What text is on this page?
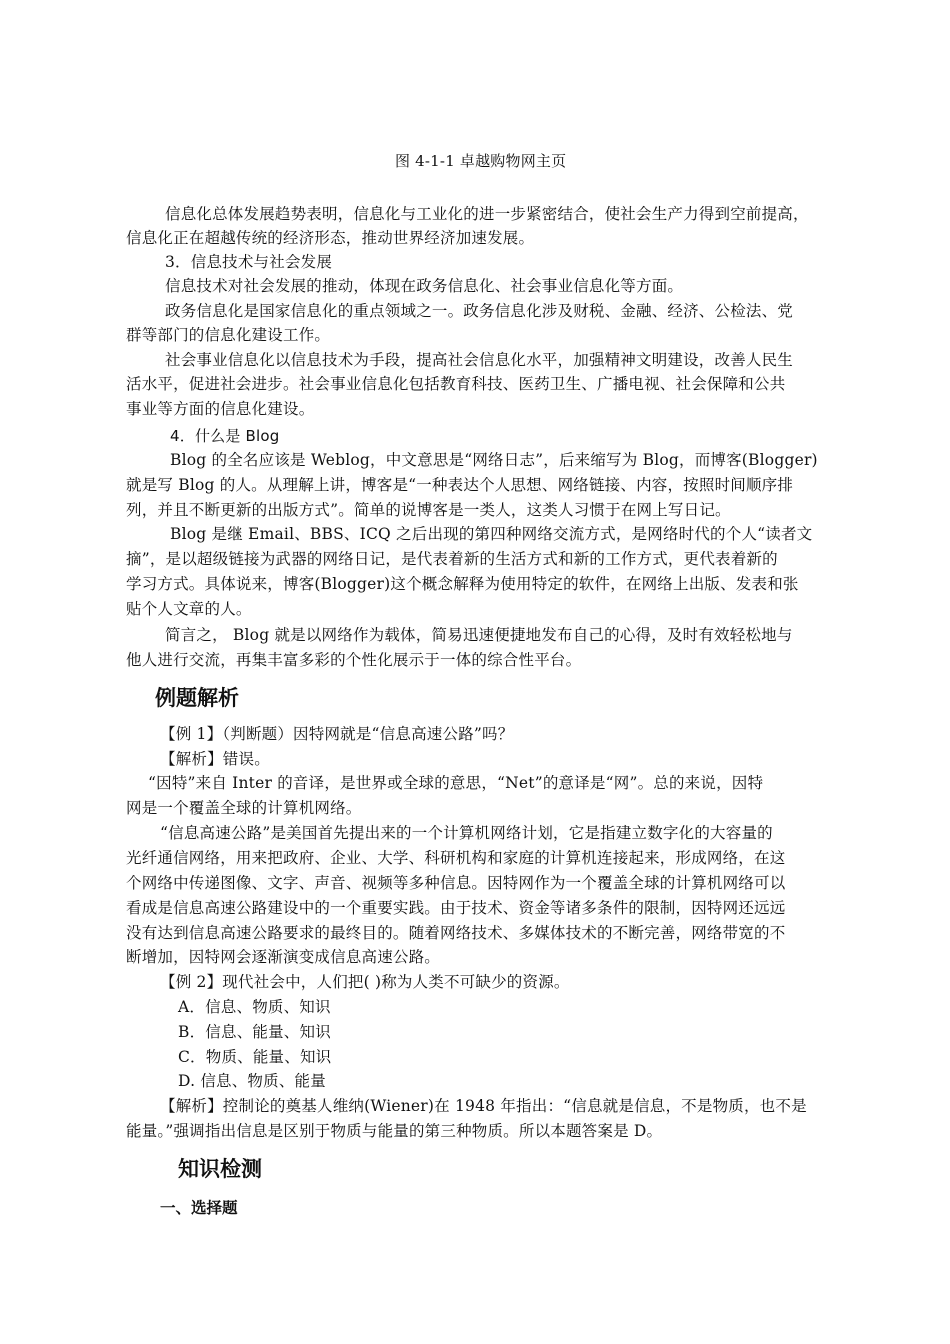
图 4-1-1 卓越购物网主页
信息化总体发展趋势表明，信息化与工业化的进一步紧密结合，使社会生产力得到空前提高，
信息化正在超越传统的经济形态，推动世界经济加速发展。
3．信息技术与社会发展
信息技术对社会发展的推动，体现在政务信息化、社会事业信息化等方面。
政务信息化是国家信息化的重点领域之一。政务信息化涉及财税、金融、经济、公检法、党
群等部门的信息化建设工作。
社会事业信息化以信息技术为手段，提高社会信息化水平，加强精神文明建设，改善人民生
活水平，促进社会进步。社会事业信息化包括教育科技、医药卫生、广播电视、社会保障和公共
事业等方面的信息化建设。
4．什么是 Blog
Blog 的全名应该是 Weblog，中文意思是“网络日志”，后来缩写为 Blog，而博客(Blogger)
就是写 Blog 的人。从理解上讲，博客是“一种表达个人思想、网络链接、内容，按照时间顺序排
列，并且不断更新的出版方式”。简单的说博客是一类人，这类人习惯于在网上写日记。
Blog 是继 Email、BBS、ICQ 之后出现的第四种网络交流方式，是网络时代的个人“读者文
摘”，是以超级链接为武器的网络日记，是代表着新的生活方式和新的工作方式，更代表着新的
学习方式。具体说来，博客(Blogger)这个概念解释为使用特定的软件，在网络上出版、发表和张
贴个人文章的人。
简言之， Blog 就是以网络作为载体，简易迅速便捷地发布自己的心得，及时有效轻松地与
他人进行交流，再集丰富多彩的个性化展示于一体的综合性平台。
例题解析
【例 1】（判断题）因特网就是“信息高速公路”吗？
【解析】错误。
“因特”来自 Inter 的音译，是世界或全球的意思，“Net”的意译是“网”。总的来说，因特
网是一个覆盖全球的计算机网络。
“信息高速公路”是美国首先提出来的一个计算机网络计划，它是指建立数字化的大容量的
光纤通信网络，用来把政府、企业、大学、科研机构和家庭的计算机连接起来，形成网络，在这
个网络中传递图像、文字、声音、视频等多种信息。因特网作为一个覆盖全球的计算机网络可以
看成是信息高速公路建设中的一个重要实践。由于技术、资金等诸多条件的限制，因特网还远远
没有达到信息高速公路要求的最终目的。随着网络技术、多媒体技术的不断完善，网络带宽的不
断增加，因特网会逐渐演变成信息高速公路。
【例 2】现代社会中，人们把( )称为人类不可缺少的资源。
A．信息、物质、知识
B．信息、能量、知识
C．物质、能量、知识
D. 信息、物质、能量
【解析】控制论的奠基人维纳(Wiener)在 1948 年指出：“信息就是信息，不是物质，也不是
能量。”强调指出信息是区别于物质与能量的第三种物质。所以本题答案是 D。
知识检测
一、选择题
